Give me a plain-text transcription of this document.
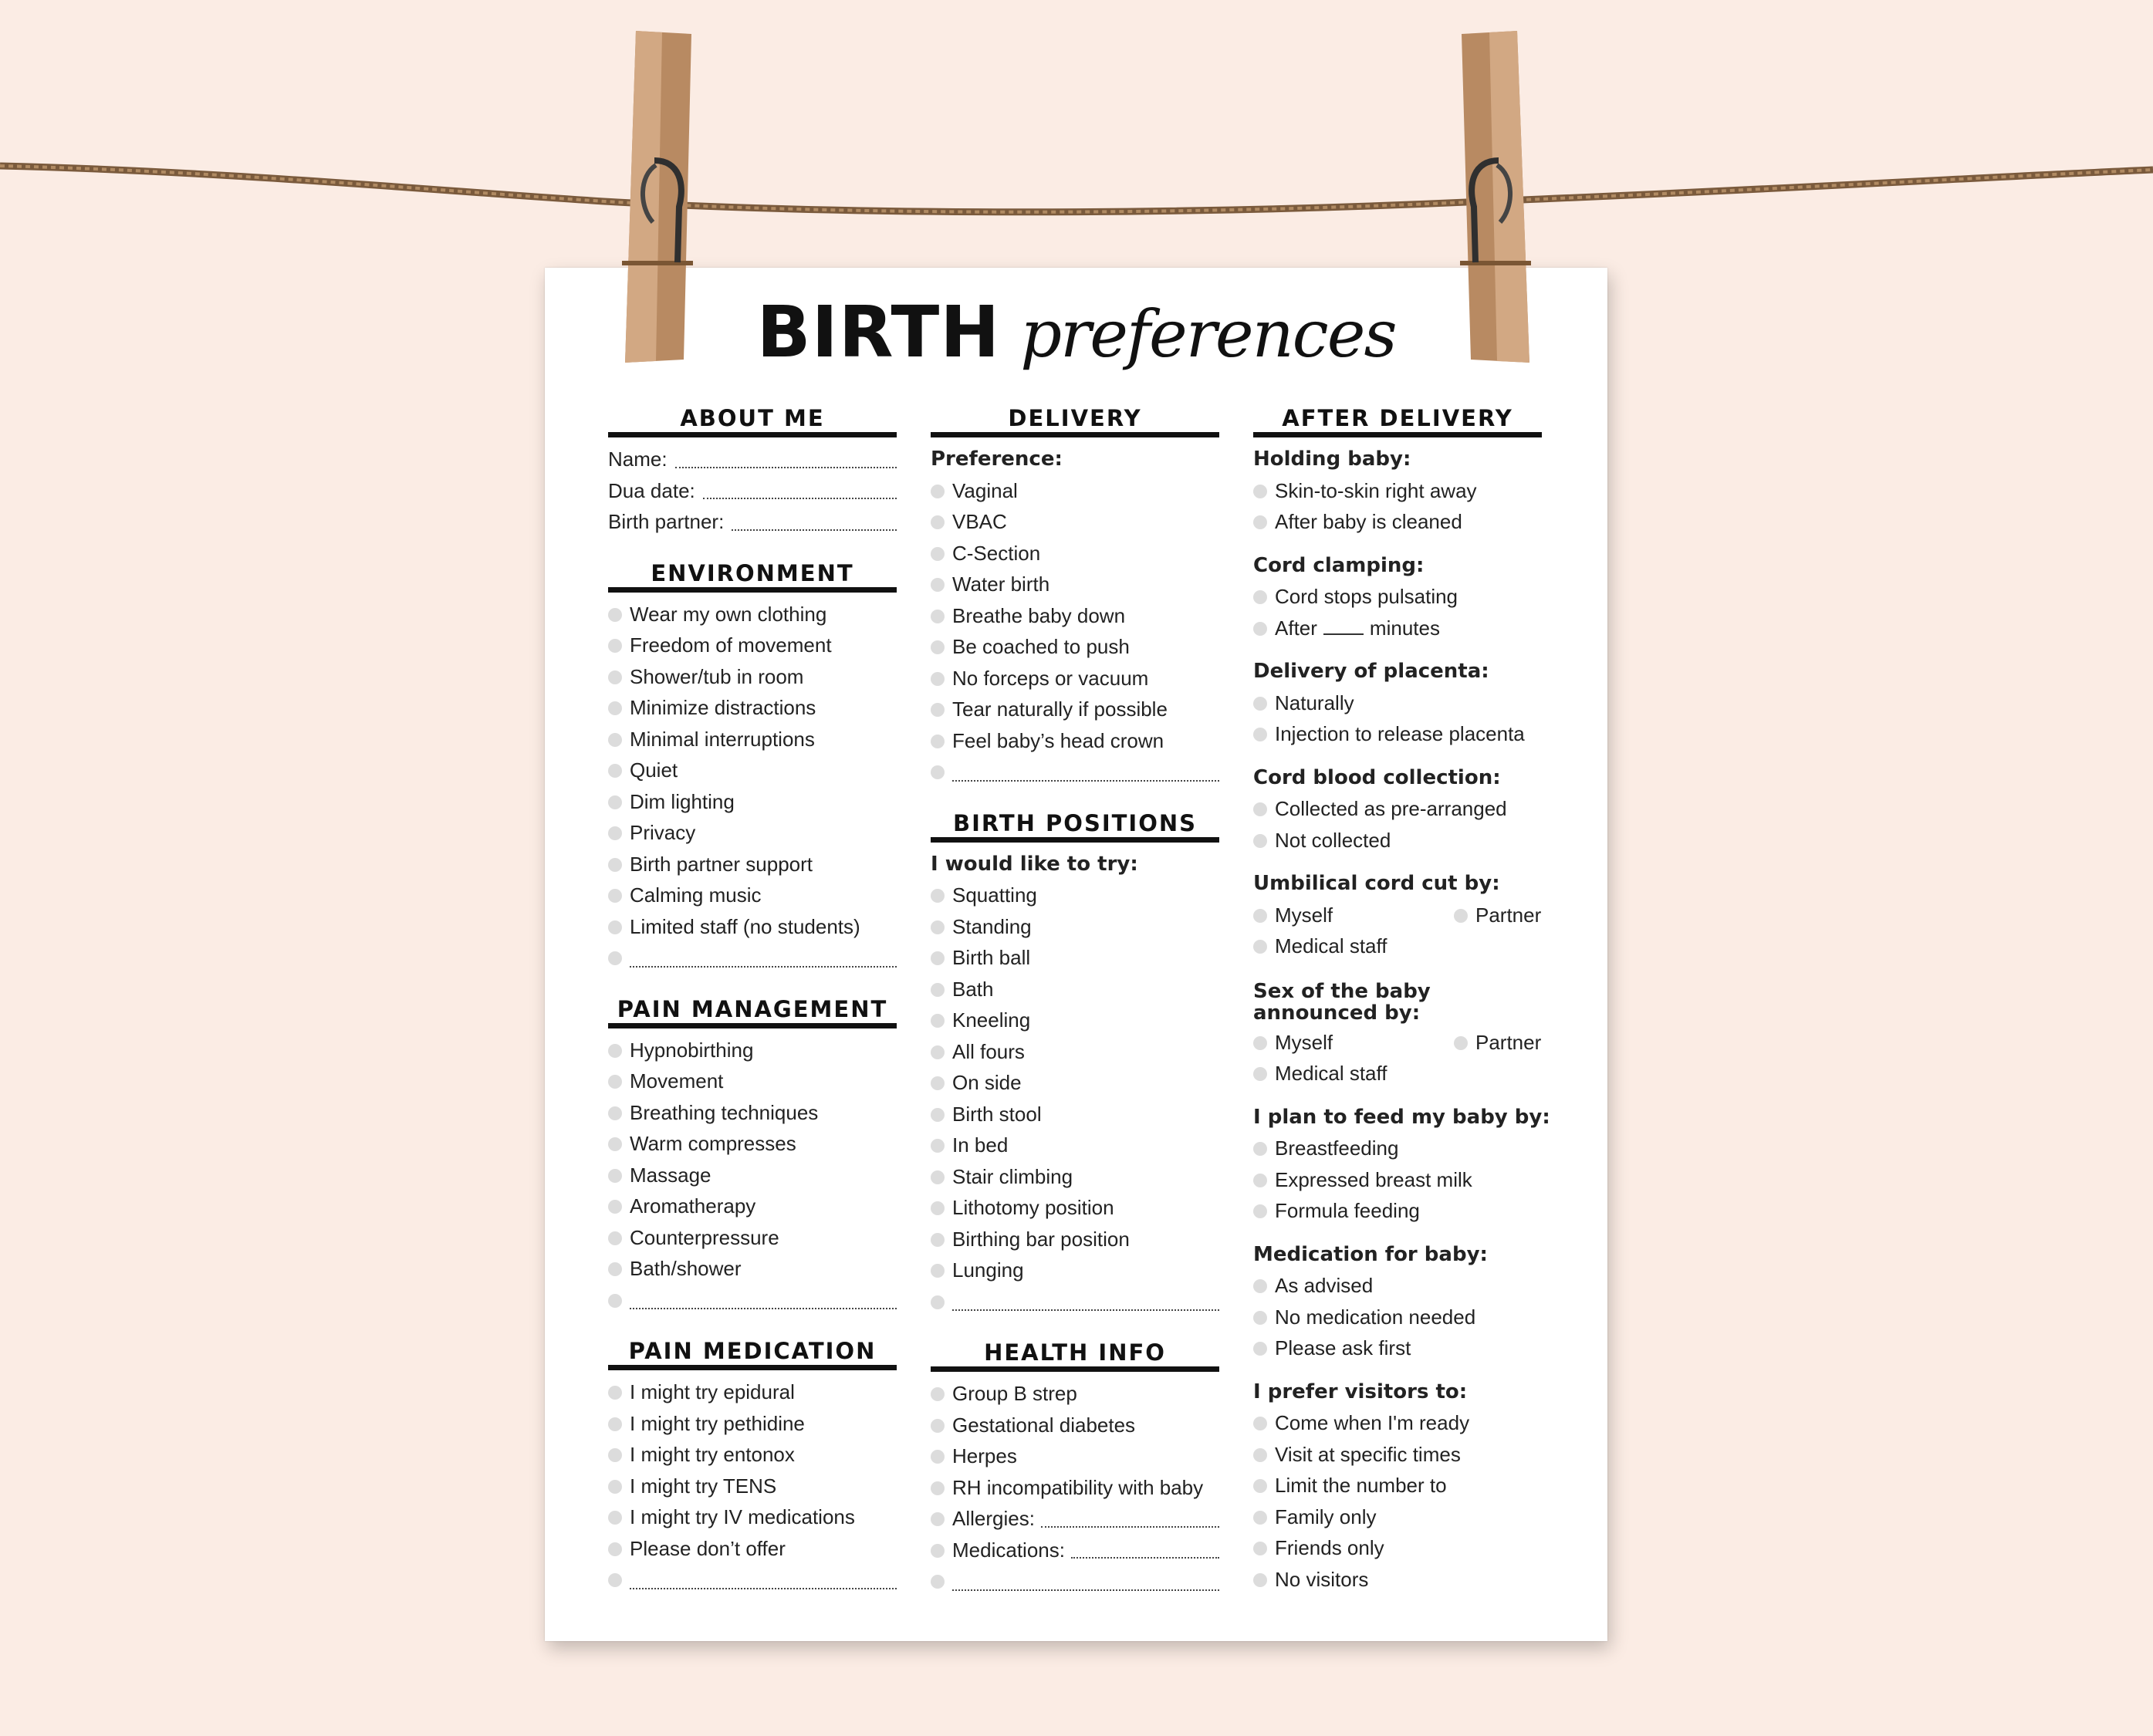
BIRTH preferences
ABOUT ME
Name:
Dua date:
Birth partner:
ENVIRONMENT
Wear my own clothing
Freedom of movement
Shower/tub in room
Minimize distractions
Minimal interruptions
Quiet
Dim lighting
Privacy
Birth partner support
Calming music
Limited staff (no students)
PAIN MANAGEMENT
Hypnobirthing
Movement
Breathing techniques
Warm compresses
Massage
Aromatherapy
Counterpressure
Bath/shower
PAIN MEDICATION
I might try epidural
I might try pethidine
I might try entonox
I might try TENS
I might try IV medications
Please don’t offer
DELIVERY
Preference:
Vaginal
VBAC
C-Section
Water birth
Breathe baby down
Be coached to push
No forceps or vacuum
Tear naturally if possible
Feel baby’s head crown
BIRTH POSITIONS
I would like to try:
Squatting
Standing
Birth ball
Bath
Kneeling
All fours
On side
Birth stool
In bed
Stair climbing
Lithotomy position
Birthing bar position
Lunging
HEALTH INFO
Group B strep
Gestational diabetes
Herpes
RH incompatibility with baby
Allergies:
Medications:
AFTER DELIVERY
Holding baby:
Skin-to-skin right away
After baby is cleaned
Cord clamping:
Cord stops pulsating
After	minutes
Delivery of placenta:
Naturally
Injection to release placenta
Cord blood collection:
Collected as pre-arranged
Not collected
Umbilical cord cut by:
Myself	Partner
Medical staff
Sex of the baby announced by:
Myself	Partner
Medical staff
I plan to feed my baby by:
Breastfeeding
Expressed breast milk
Formula feeding
Medication for baby:
As advised
No medication needed
Please ask first
I prefer visitors to:
Come when I'm ready
Visit at specific times
Limit the number to
Family only
Friends only
No visitors
